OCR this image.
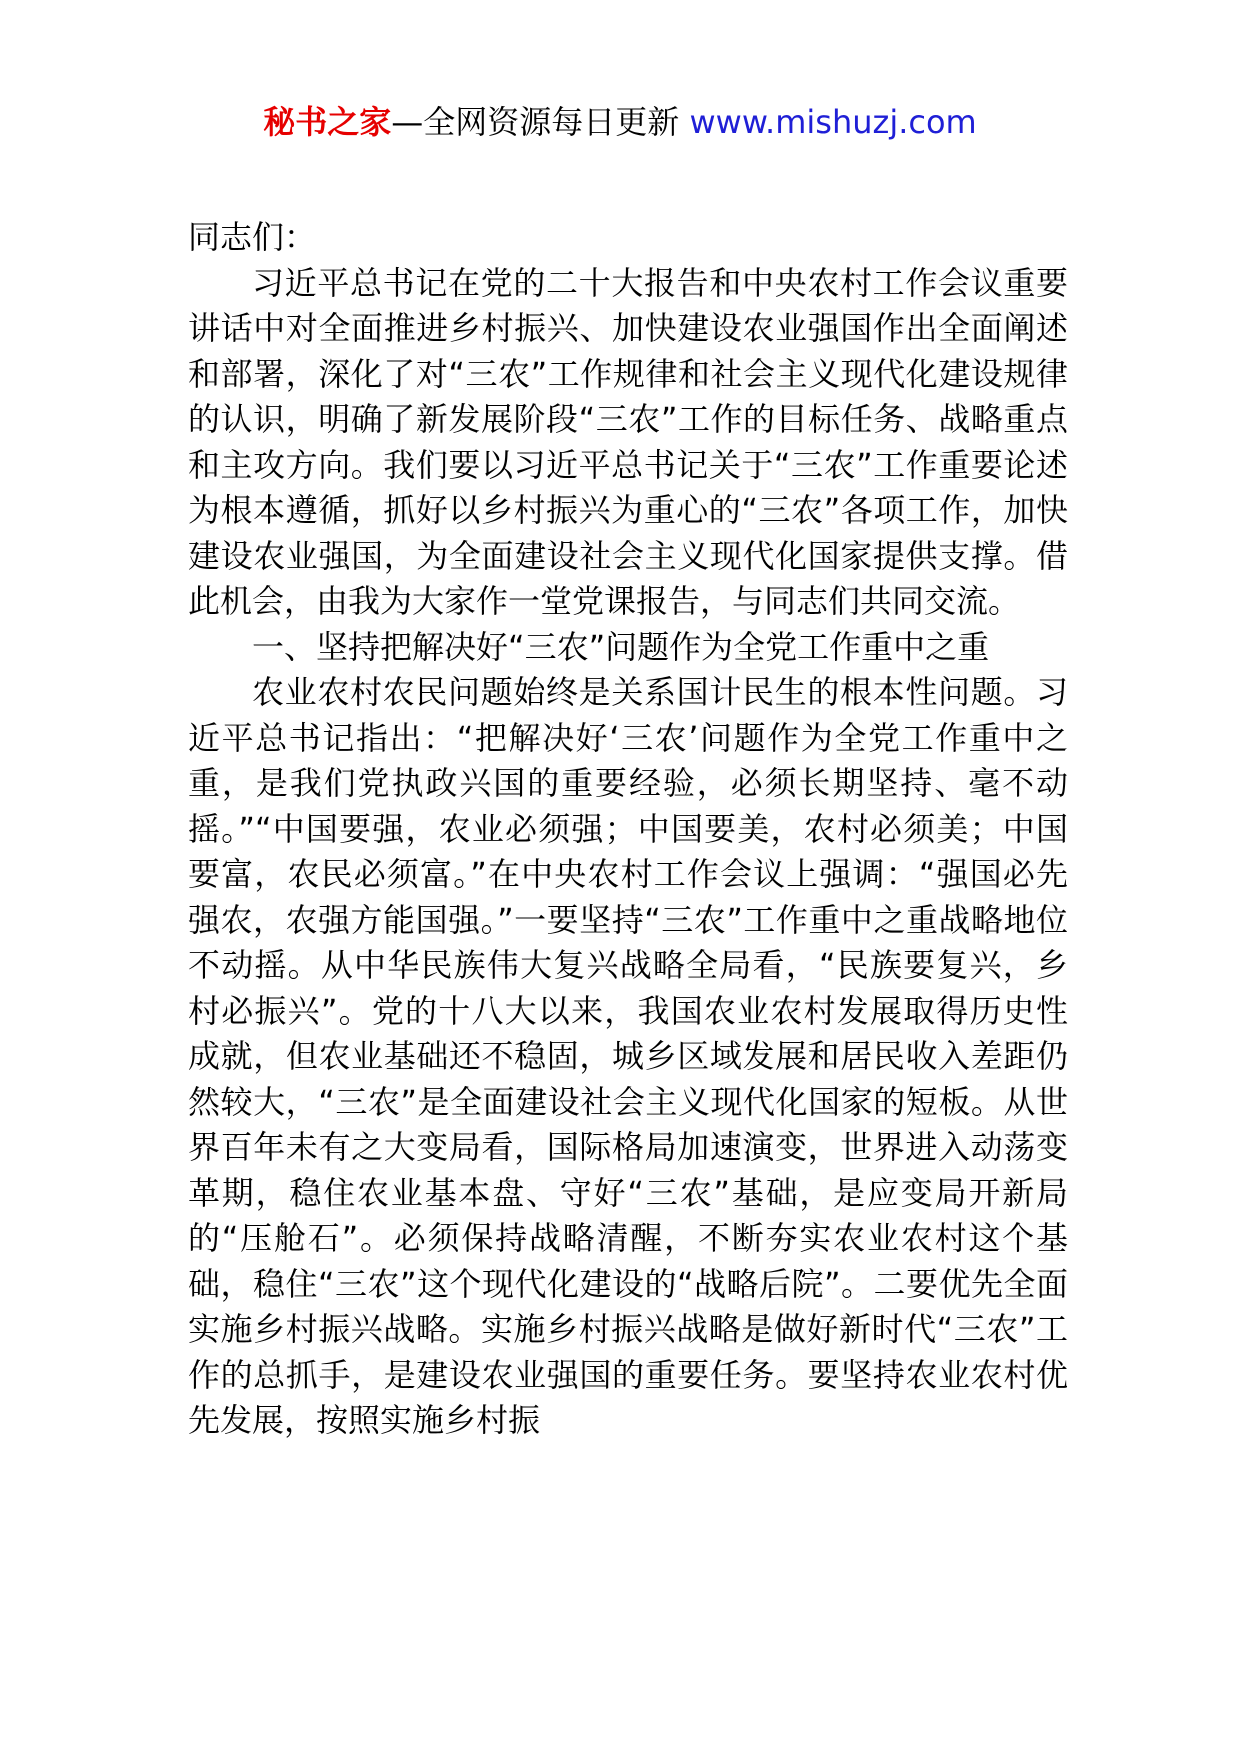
秘书之家—全网资源每日更新 www.mishuzj.com

同志们：

习近平总书记在党的二十大报告和中央农村工作会议重要讲话中对全面推进乡村振兴、加快建设农业强国作出全面阐述和部署，深化了对“三农”工作规律和社会主义现代化建设规律的认识，明确了新发展阶段“三农”工作的目标任务、战略重点和主攻方向。我们要以习近平总书记关于“三农”工作重要论述为根本遵循，抓好以乡村振兴为重心的“三农”各项工作，加快建设农业强国，为全面建设社会主义现代化国家提供支撑。借此机会，由我为大家作一堂党课报告，与同志们共同交流。

一、坚持把解决好“三农”问题作为全党工作重中之重

农业农村农民问题始终是关系国计民生的根本性问题。习近平总书记指出：“把解决好‘三农’问题作为全党工作重中之重，是我们党执政兴国的重要经验，必须长期坚持、毫不动摇。”“中国要强，农业必须强；中国要美，农村必须美；中国要富，农民必须富。”在中央农村工作会议上强调：“强国必先强农，农强方能国强。”一要坚持“三农”工作重中之重战略地位不动摇。从中华民族伟大复兴战略全局看，“民族要复兴，乡村必振兴”。党的十八大以来，我国农业农村发展取得历史性成就，但农业基础还不稳固，城乡区域发展和居民收入差距仍然较大，“三农”是全面建设社会主义现代化国家的短板。从世界百年未有之大变局看，国际格局加速演变，世界进入动荡变革期，稳住农业基本盘、守好“三农”基础，是应变局开新局的“压舱石”。必须保持战略清醒，不断夯实农业农村这个基础，稳住“三农”这个现代化建设的“战略后院”。二要优先全面实施乡村振兴战略。实施乡村振兴战略是做好新时代“三农”工作的总抓手，是建设农业强国的重要任务。要坚持农业农村优先发展，按照实施乡村振
